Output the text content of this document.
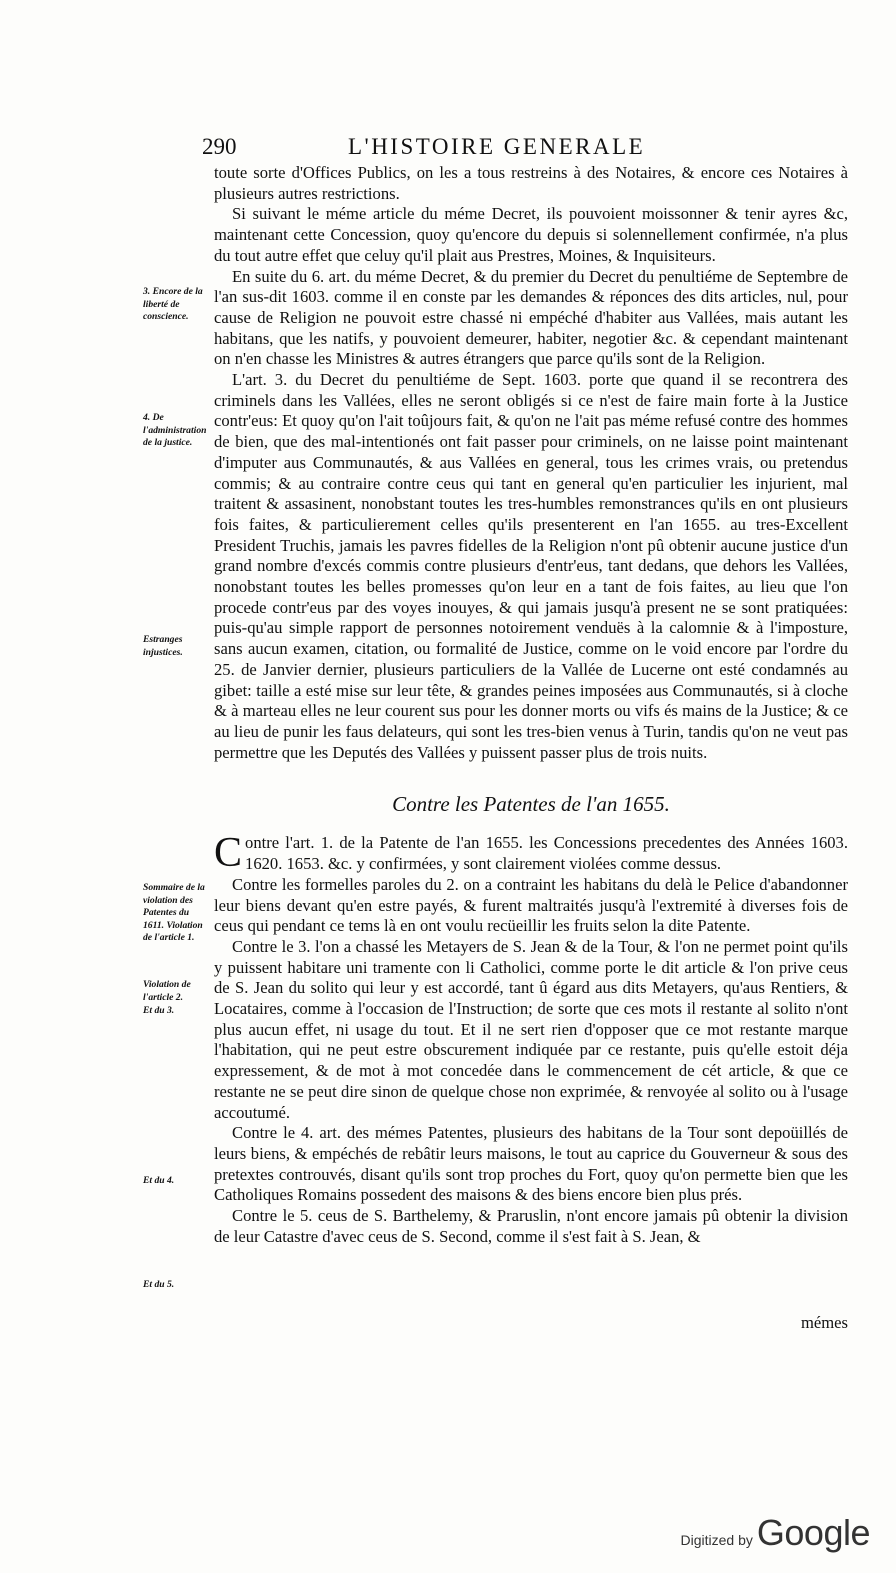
290	L'HISTOIRE GENERALE
3. Encore de la liberté de conscience.
4. De l'administration de la justice.
Estranges injustices.
Sommaire de la violation des Patentes du 1611. Violation de l'article 1.
Violation de l'article 2.
Et du 3.
Et du 4.
Et du 5.

toute sorte d'Offices Publics, on les a tous restreins à des Notaires, & encore ces Notaires à plusieurs autres restrictions.

Si suivant le méme article du méme Decret, ils pouvoient moissonner & tenir ayres &c, maintenant cette Concession, quoy qu'encore du depuis si solennellement confirmée, n'a plus du tout autre effet que celuy qu'il plait aus Prestres, Moines, & Inquisiteurs.

En suite du 6. art. du méme Decret, & du premier du Decret du penultiéme de Septembre de l'an sus-dit 1603. comme il en conste par les demandes & réponces des dits articles, nul, pour cause de Religion ne pouvoit estre chassé ni empéché d'habiter aus Vallées, mais autant les habitans, que les natifs, y pouvoient demeurer, habiter, negotier &c. & cependant maintenant on n'en chasse les Ministres & autres étrangers que parce qu'ils sont de la Religion.

L'art. 3. du Decret du penultiéme de Sept. 1603. porte que quand il se recontrera des criminels dans les Vallées, elles ne seront obligés si ce n'est de faire main forte à la Justice contr'eus: Et quoy qu'on l'ait toûjours fait, & qu'on ne l'ait pas méme refusé contre des hommes de bien, que des mal-intentionés ont fait passer pour criminels, on ne laisse point maintenant d'imputer aus Communautés, & aus Vallées en general, tous les crimes vrais, ou pretendus commis; & au contraire contre ceus qui tant en general qu'en particulier les injurient, mal traitent & assasinent, nonobstant toutes les tres-humbles remonstrances qu'ils en ont plusieurs fois faites, & particulierement celles qu'ils presenterent en l'an 1655. au tres-Excellent President Truchis, jamais les pavres fidelles de la Religion n'ont pû obtenir aucune justice d'un grand nombre d'excés commis contre plusieurs d'entr'eus, tant dedans, que dehors les Vallées, nonobstant toutes les belles promesses qu'on leur en a tant de fois faites, au lieu que l'on procede contr'eus par des voyes inouyes, & qui jamais jusqu'à present ne se sont pratiquées: puis-qu'au simple rapport de personnes notoirement venduës à la calomnie & à l'imposture, sans aucun examen, citation, ou formalité de Justice, comme on le void encore par l'ordre du 25. de Janvier dernier, plusieurs particuliers de la Vallée de Lucerne ont esté condamnés au gibet: taille a esté mise sur leur tête, & grandes peines imposées aus Communautés, si à cloche & à marteau elles ne leur courent sus pour les donner morts ou vifs és mains de la Justice; & ce au lieu de punir les faus delateurs, qui sont les tres-bien venus à Turin, tandis qu'on ne veut pas permettre que les Deputés des Vallées y puissent passer plus de trois nuits.

Contre les Patentes de l'an 1655.

Contre l'art. 1. de la Patente de l'an 1655. les Concessions precedentes des Années 1603. 1620. 1653. &c. y confirmées, y sont clairement violées comme dessus.

Contre les formelles paroles du 2. on a contraint les habitans du delà le Pelice d'abandonner leur biens devant qu'en estre payés, & furent maltraités jusqu'à l'extremité à diverses fois de ceus qui pendant ce tems là en ont voulu recüeillir les fruits selon la dite Patente.

Contre le 3. l'on a chassé les Metayers de S. Jean & de la Tour, & l'on ne permet point qu'ils y puissent habitare uni tramente con li Catholici, comme porte le dit article & l'on prive ceus de S. Jean du solito qui leur y est accordé, tant û égard aus dits Metayers, qu'aus Rentiers, & Locataires, comme à l'occasion de l'Instruction; de sorte que ces mots il restante al solito n'ont plus aucun effet, ni usage du tout. Et il ne sert rien d'opposer que ce mot restante marque l'habitation, qui ne peut estre obscurement indiquée par ce restante, puis qu'elle estoit déja expressement, & de mot à mot concedée dans le commencement de cét article, & que ce restante ne se peut dire sinon de quelque chose non exprimée, & renvoyée al solito ou à l'usage accoutumé.

Contre le 4. art. des mémes Patentes, plusieurs des habitans de la Tour sont depoüillés de leurs biens, & empéchés de rebâtir leurs maisons, le tout au caprice du Gouverneur & sous des pretextes controuvés, disant qu'ils sont trop proches du Fort, quoy qu'on permette bien que les Catholiques Romains possedent des maisons & des biens encore bien plus prés.

Contre le 5. ceus de S. Barthelemy, & Praruslin, n'ont encore jamais pû obtenir la division de leur Catastre d'avec ceus de S. Second, comme il s'est fait à S. Jean, &

mémes
Digitized by Google
